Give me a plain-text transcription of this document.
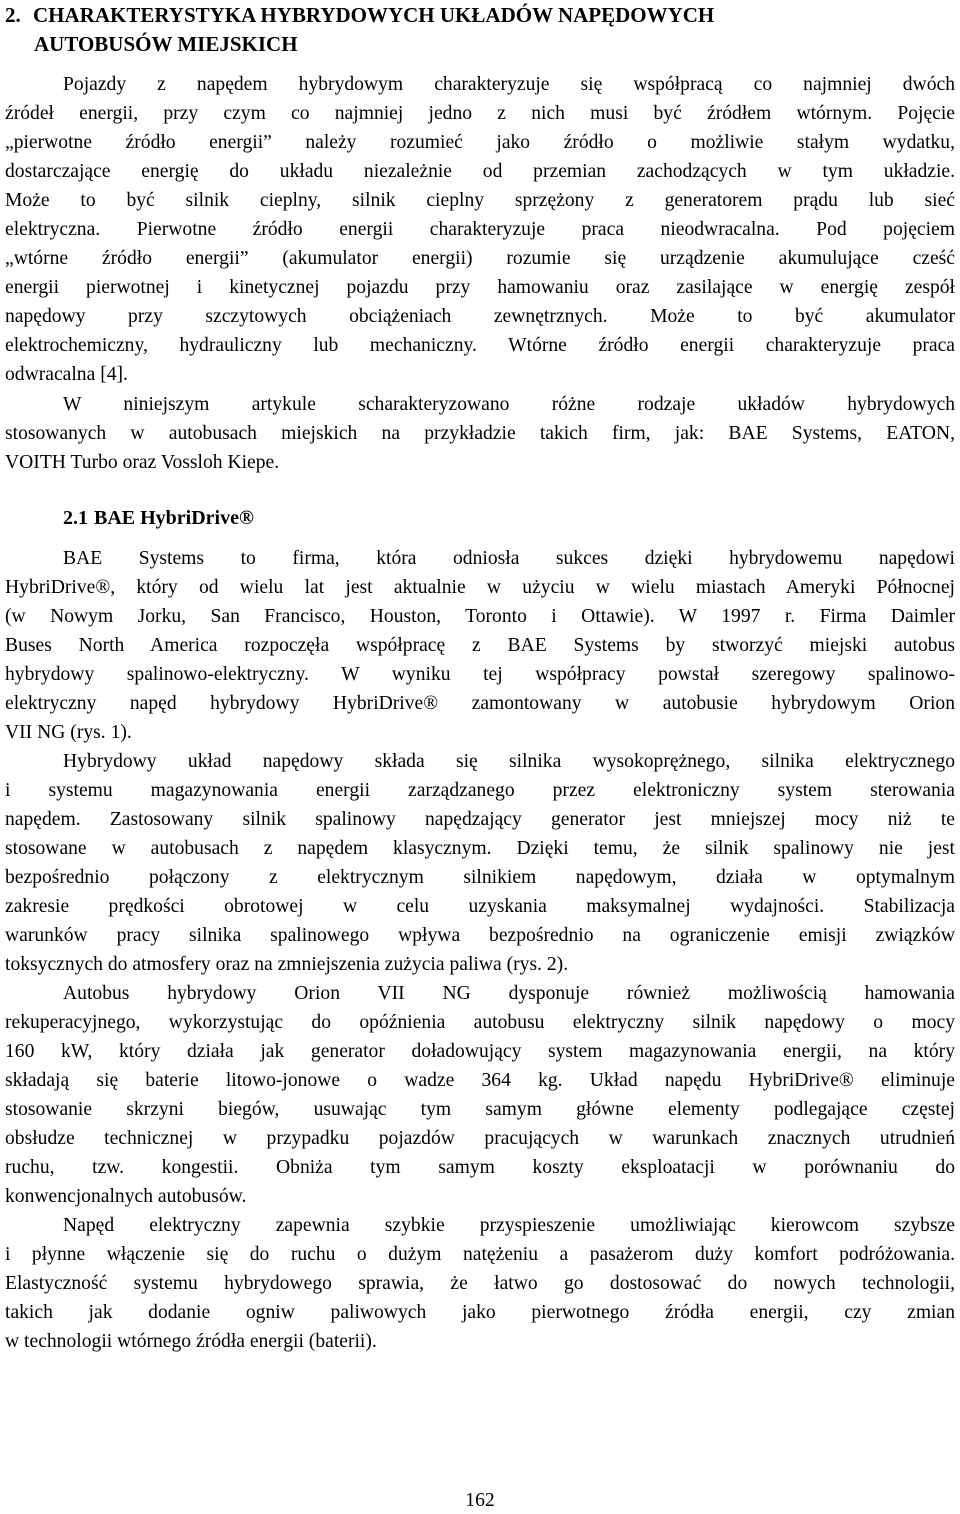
2. CHARAKTERYSTYKA HYBRYDOWYCH UKŁADÓW NAPĘDOWYCH
AUTOBUSÓW MIEJSKICH
Pojazdy z napędem hybrydowym charakteryzuje się współpracą co najmniej dwóch
źródeł energii, przy czym co najmniej jedno z nich musi być źródłem wtórnym. Pojęcie
„pierwotne źródło energii” należy rozumieć jako źródło o możliwie stałym wydatku,
dostarczające energię do układu niezależnie od przemian zachodzących w tym układzie.
Może to być silnik cieplny, silnik cieplny sprzężony z generatorem prądu lub sieć
elektryczna. Pierwotne źródło energii charakteryzuje praca nieodwracalna. Pod pojęciem
„wtórne źródło energii” (akumulator energii) rozumie się urządzenie akumulujące cześć
energii pierwotnej i kinetycznej pojazdu przy hamowaniu oraz zasilające w energię zespół
napędowy przy szczytowych obciążeniach zewnętrznych. Może to być akumulator
elektrochemiczny, hydrauliczny lub mechaniczny. Wtórne źródło energii charakteryzuje praca
odwracalna [4].
W niniejszym artykule scharakteryzowano różne rodzaje układów hybrydowych
stosowanych w autobusach miejskich na przykładzie takich firm, jak: BAE Systems, EATON,
VOITH Turbo oraz Vossloh Kiepe.
2.1 BAE HybriDrive®
BAE Systems to firma, która odniosła sukces dzięki hybrydowemu napędowi
HybriDrive®, który od wielu lat jest aktualnie w użyciu w wielu miastach Ameryki Północnej
(w Nowym Jorku, San Francisco, Houston, Toronto i Ottawie). W 1997 r. Firma Daimler
Buses North America rozpoczęła współpracę z BAE Systems by stworzyć miejski autobus
hybrydowy spalinowo-elektryczny. W wyniku tej współpracy powstał szeregowy spalinowo-
elektryczny napęd hybrydowy HybriDrive® zamontowany w autobusie hybrydowym Orion
VII NG (rys. 1).
Hybrydowy układ napędowy składa się silnika wysokoprężnego, silnika elektrycznego
i systemu magazynowania energii zarządzanego przez elektroniczny system sterowania
napędem. Zastosowany silnik spalinowy napędzający generator jest mniejszej mocy niż te
stosowane w autobusach z napędem klasycznym. Dzięki temu, że silnik spalinowy nie jest
bezpośrednio połączony z elektrycznym silnikiem napędowym, działa w optymalnym
zakresie prędkości obrotowej w celu uzyskania maksymalnej wydajności. Stabilizacja
warunków pracy silnika spalinowego wpływa bezpośrednio na ograniczenie emisji związków
toksycznych do atmosfery oraz na zmniejszenia zużycia paliwa (rys. 2).
Autobus hybrydowy Orion VII NG dysponuje również możliwością hamowania
rekuperacyjnego, wykorzystując do opóźnienia autobusu elektryczny silnik napędowy o mocy
160 kW, który działa jak generator doładowujący system magazynowania energii, na który
składają się baterie litowo-jonowe o wadze 364 kg. Układ napędu HybriDrive® eliminuje
stosowanie skrzyni biegów, usuwając tym samym główne elementy podlegające częstej
obsłudze technicznej w przypadku pojazdów pracujących w warunkach znacznych utrudnień
ruchu, tzw. kongestii. Obniża tym samym koszty eksploatacji w porównaniu do
konwencjonalnych autobusów.
Napęd elektryczny zapewnia szybkie przyspieszenie umożliwiając kierowcom szybsze
i płynne włączenie się do ruchu o dużym natężeniu a pasażerom duży komfort podróżowania.
Elastyczność systemu hybrydowego sprawia, że łatwo go dostosować do nowych technologii,
takich jak dodanie ogniw paliwowych jako pierwotnego źródła energii, czy zmian
w technologii wtórnego źródła energii (baterii).
162
